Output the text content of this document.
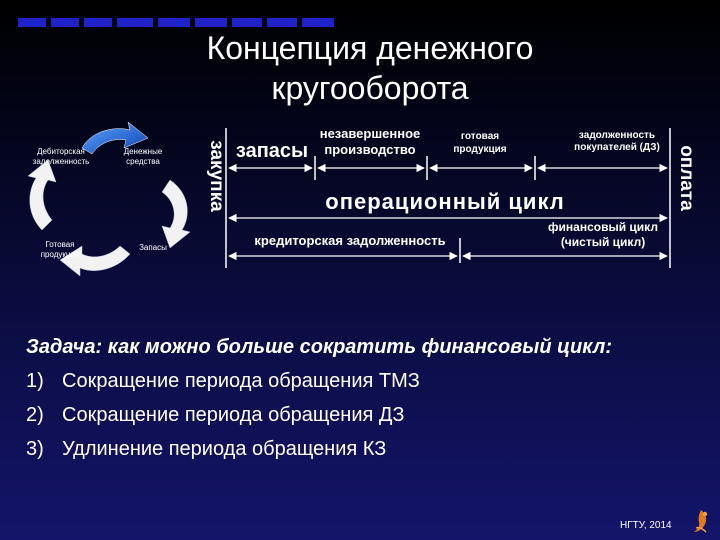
Концепция денежного кругооборота
Дебиторская задолженность
Денежные средства
Запасы
Готовая продукция
закупка	оплата
запасы
незавершенное производство
готовая продукция
задолженность покупателей (ДЗ)
операционный цикл
кредиторская задолженность
финансовый цикл (чистый цикл)
Задача: как можно больше сократить финансовый цикл:
1) Сокращение периода обращения ТМЗ
2) Сокращение периода обращения ДЗ
3) Удлинение периода обращения КЗ
НГТУ, 2014
